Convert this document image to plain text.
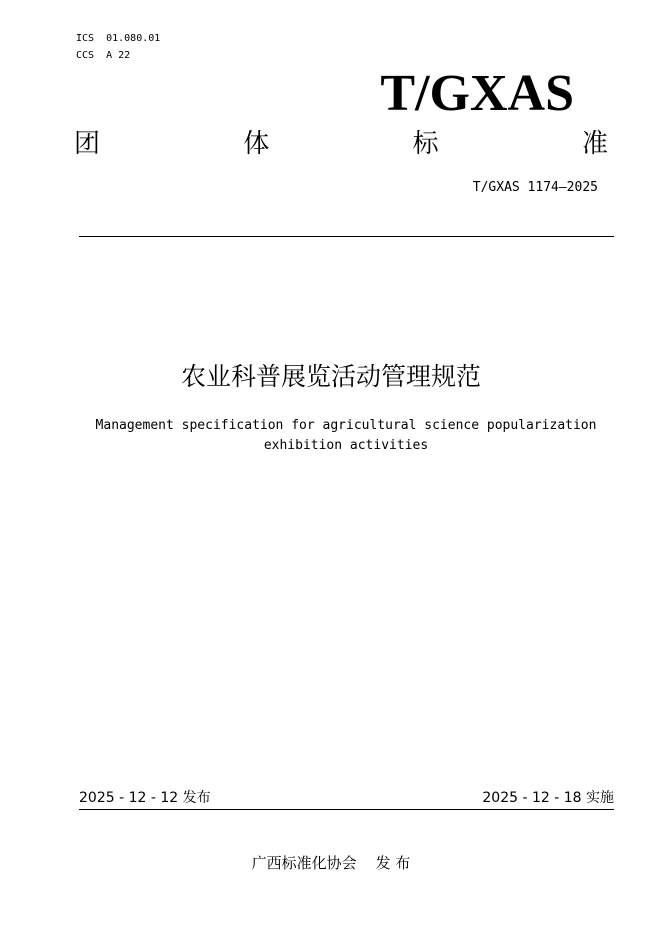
ICS  01.080.01
CCS  A 22
T/GXAS
团	体	标	准
T/GXAS 1174—2025
农业科普展览活动管理规范
Management specification for agricultural science popularization
exhibition activities
2025 - 12 - 12 发布	2025 - 12 - 18 实施
广西标准化协会    发 布
